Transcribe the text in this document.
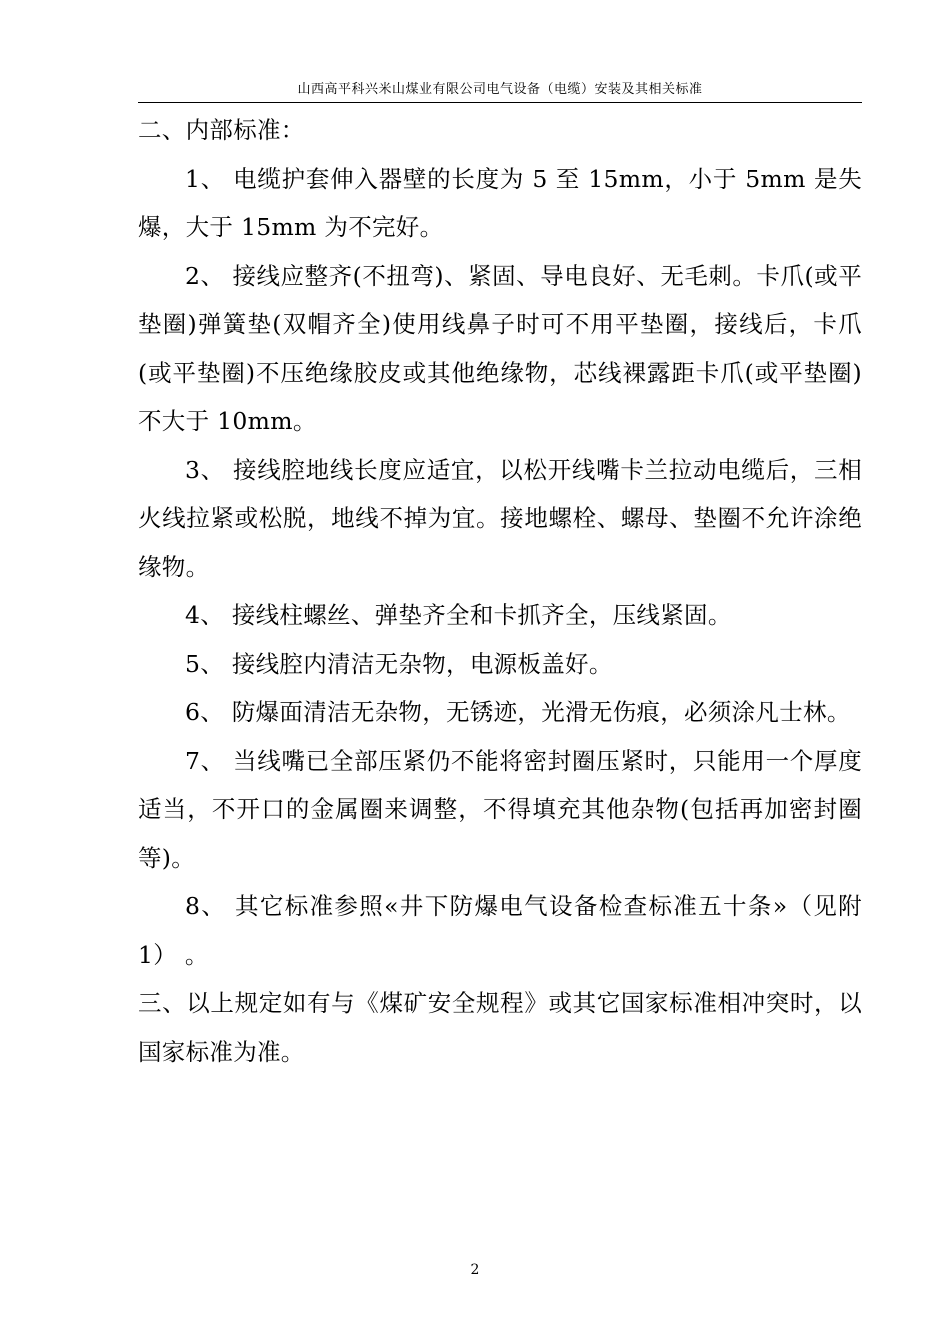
山西高平科兴米山煤业有限公司电气设备（电缆）安装及其相关标准

二、内部标准：

1、 电缆护套伸入器壁的长度为 5 至 15mm，小于 5mm 是失爆，大于 15mm 为不完好。

2、 接线应整齐(不扭弯)、紧固、导电良好、无毛刺。卡爪(或平垫圈)弹簧垫(双帽齐全)使用线鼻子时可不用平垫圈，接线后，卡爪(或平垫圈)不压绝缘胶皮或其他绝缘物，芯线裸露距卡爪(或平垫圈)不大于 10mm。

3、 接线腔地线长度应适宜，以松开线嘴卡兰拉动电缆后，三相火线拉紧或松脱，地线不掉为宜。接地螺栓、螺母、垫圈不允许涂绝缘物。

4、 接线柱螺丝、弹垫齐全和卡抓齐全，压线紧固。

5、 接线腔内清洁无杂物，电源板盖好。

6、 防爆面清洁无杂物，无锈迹，光滑无伤痕，必须涂凡士林。

7、 当线嘴已全部压紧仍不能将密封圈压紧时，只能用一个厚度适当，不开口的金属圈来调整，不得填充其他杂物(包括再加密封圈等)。

8、 其它标准参照«井下防爆电气设备检查标准五十条»（见附 1） 。

三、以上规定如有与《煤矿安全规程》或其它国家标准相冲突时，以国家标准为准。

2
